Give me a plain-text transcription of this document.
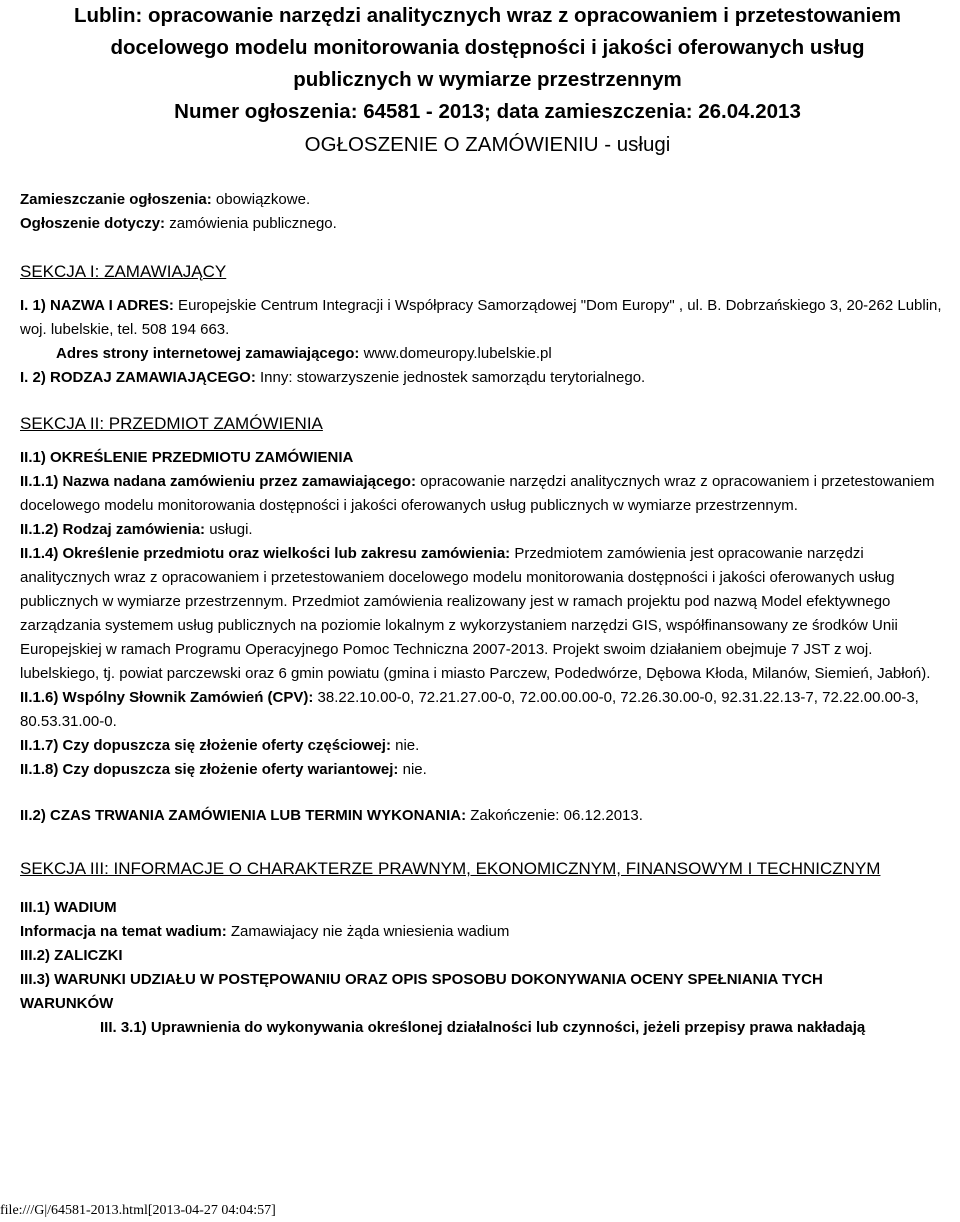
Lublin: opracowanie narzędzi analitycznych wraz z opracowaniem i przetestowaniem
docelowego modelu monitorowania dostępności i jakości oferowanych usług
publicznych w wymiarze przestrzennym
Numer ogłoszenia: 64581 - 2013; data zamieszczenia: 26.04.2013
OGŁOSZENIE O ZAMÓWIENIU - usługi
Zamieszczanie ogłoszenia: obowiązkowe.
Ogłoszenie dotyczy: zamówienia publicznego.
SEKCJA I: ZAMAWIAJĄCY

I. 1) NAZWA I ADRES: Europejskie Centrum Integracji i Współpracy Samorządowej "Dom Europy" , ul. B. Dobrzańskiego 3, 20-262 Lublin, woj. lubelskie, tel. 508 194 663.

Adres strony internetowej zamawiającego: www.domeuropy.lubelskie.pl

I. 2) RODZAJ ZAMAWIAJĄCEGO: Inny: stowarzyszenie jednostek samorządu terytorialnego.

SEKCJA II: PRZEDMIOT ZAMÓWIENIA

II.1) OKREŚLENIE PRZEDMIOTU ZAMÓWIENIA

II.1.1) Nazwa nadana zamówieniu przez zamawiającego: opracowanie narzędzi analitycznych wraz z opracowaniem i przetestowaniem docelowego modelu monitorowania dostępności i jakości oferowanych usług publicznych w wymiarze przestrzennym.

II.1.2) Rodzaj zamówienia: usługi.

II.1.4) Określenie przedmiotu oraz wielkości lub zakresu zamówienia: Przedmiotem zamówienia jest opracowanie narzędzi analitycznych wraz z opracowaniem i przetestowaniem docelowego modelu monitorowania dostępności i jakości oferowanych usług publicznych w wymiarze przestrzennym. Przedmiot zamówienia realizowany jest w ramach projektu pod nazwą Model efektywnego zarządzania systemem usług publicznych na poziomie lokalnym z wykorzystaniem narzędzi GIS, współfinansowany ze środków Unii Europejskiej w ramach Programu Operacyjnego Pomoc Techniczna 2007-2013. Projekt swoim działaniem obejmuje 7 JST z woj. lubelskiego, tj. powiat parczewski oraz 6 gmin powiatu (gmina i miasto Parczew, Podedwórze, Dębowa Kłoda, Milanów, Siemień, Jabłoń).

II.1.6) Wspólny Słownik Zamówień (CPV): 38.22.10.00-0, 72.21.27.00-0, 72.00.00.00-0, 72.26.30.00-0, 92.31.22.13-7, 72.22.00.00-3, 80.53.31.00-0.

II.1.7) Czy dopuszcza się złożenie oferty częściowej: nie.

II.1.8) Czy dopuszcza się złożenie oferty wariantowej: nie.

II.2) CZAS TRWANIA ZAMÓWIENIA LUB TERMIN WYKONANIA: Zakończenie: 06.12.2013.

SEKCJA III: INFORMACJE O CHARAKTERZE PRAWNYM, EKONOMICZNYM, FINANSOWYM I TECHNICZNYM

III.1) WADIUM

Informacja na temat wadium: Zamawiajacy nie żąda wniesienia wadium

III.2) ZALICZKI

III.3) WARUNKI UDZIAŁU W POSTĘPOWANIU ORAZ OPIS SPOSOBU DOKONYWANIA OCENY SPEŁNIANIA TYCH WARUNKÓW

III. 3.1) Uprawnienia do wykonywania określonej działalności lub czynności, jeżeli przepisy prawa nakładają

file:///G|/64581-2013.html[2013-04-27 04:04:57]
